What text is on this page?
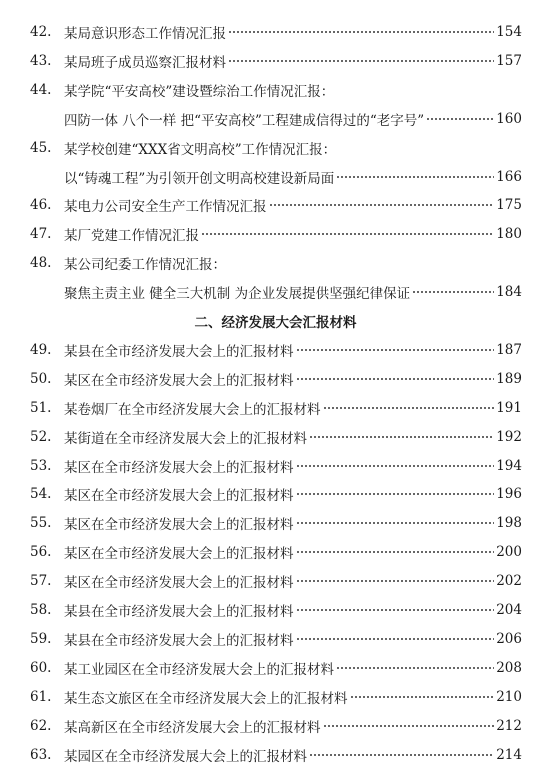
42. 某局意识形态工作情况汇报	154
43. 某局班子成员巡察汇报材料	157
44. 某学院“平安高校”建设暨综治工作情况汇报：
四防一体 八个一样 把“平安高校”工程建成信得过的“老字号”	160
45. 某学校创建“XXX省文明高校”工作情况汇报：
以“铸魂工程”为引领开创文明高校建设新局面	166
46. 某电力公司安全生产工作情况汇报	175
47. 某厂党建工作情况汇报	180
48. 某公司纪委工作情况汇报：
聚焦主责主业 健全三大机制 为企业发展提供坚强纪律保证	184
二、经济发展大会汇报材料
49. 某县在全市经济发展大会上的汇报材料	187
50. 某区在全市经济发展大会上的汇报材料	189
51. 某卷烟厂在全市经济发展大会上的汇报材料	191
52. 某街道在全市经济发展大会上的汇报材料	192
53. 某区在全市经济发展大会上的汇报材料	194
54. 某区在全市经济发展大会上的汇报材料	196
55. 某区在全市经济发展大会上的汇报材料	198
56. 某区在全市经济发展大会上的汇报材料	200
57. 某区在全市经济发展大会上的汇报材料	202
58. 某县在全市经济发展大会上的汇报材料	204
59. 某县在全市经济发展大会上的汇报材料	206
60. 某工业园区在全市经济发展大会上的汇报材料	208
61. 某生态文旅区在全市经济发展大会上的汇报材料	210
62. 某高新区在全市经济发展大会上的汇报材料	212
63. 某园区在全市经济发展大会上的汇报材料	214
